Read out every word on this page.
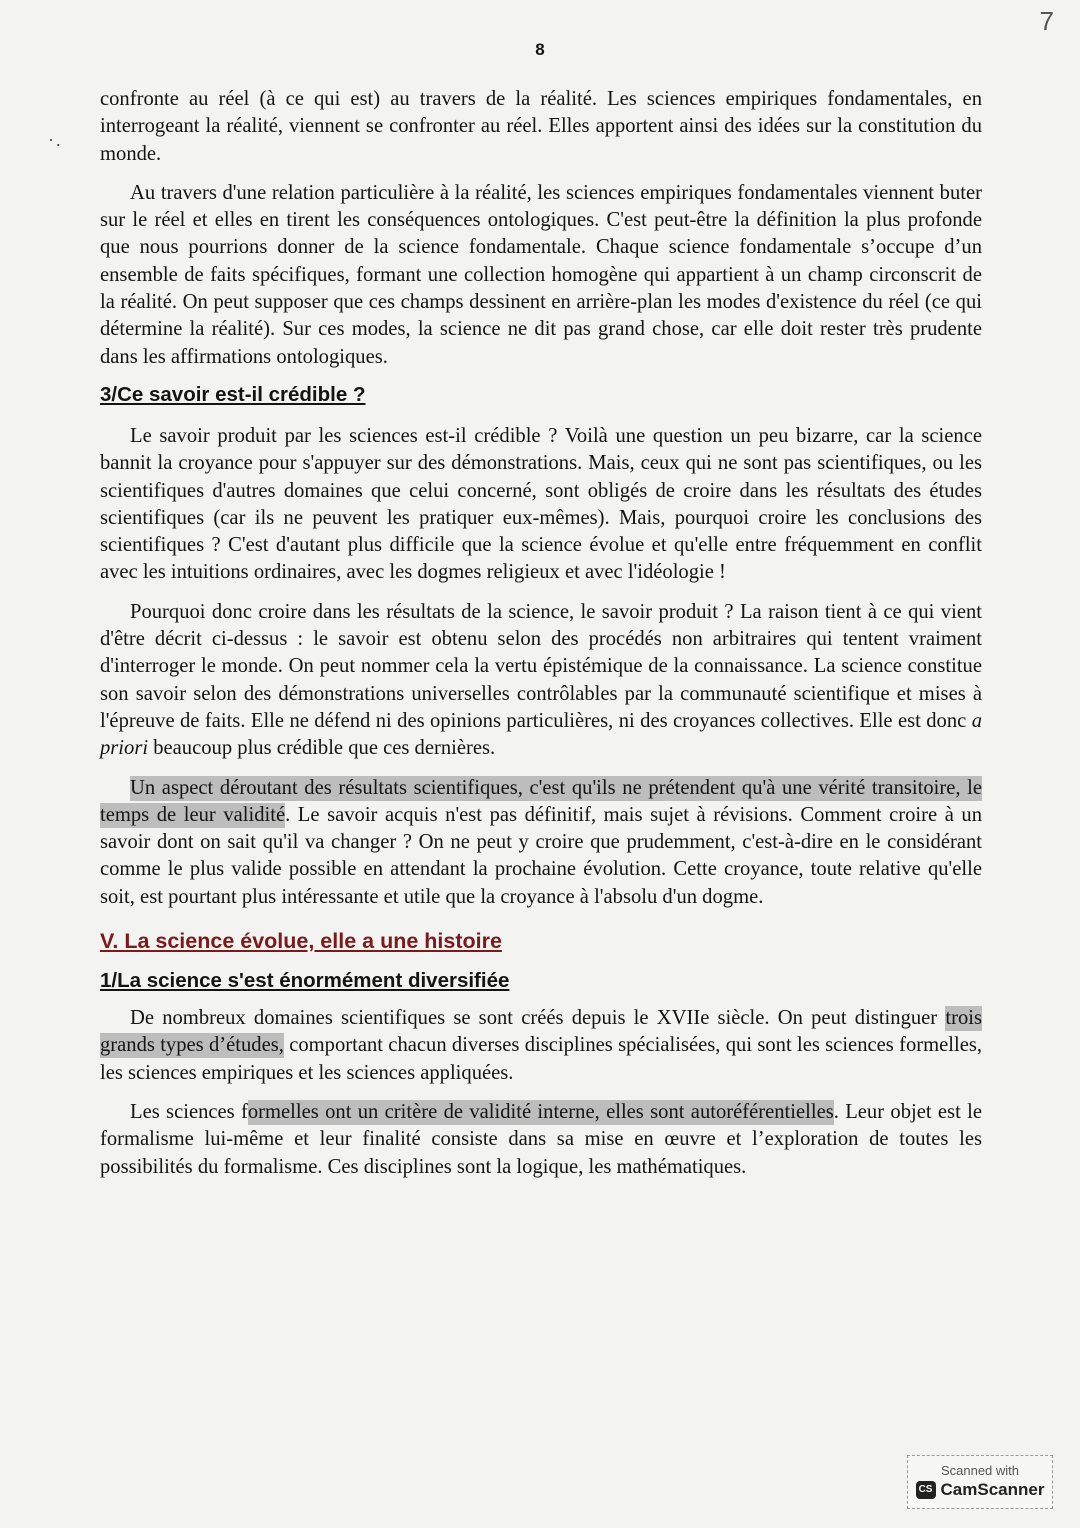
7
8
·.

confronte au réel (à ce qui est) au travers de la réalité. Les sciences empiriques fondamentales, en interrogeant la réalité, viennent se confronter au réel. Elles apportent ainsi des idées sur la constitution du monde.

Au travers d'une relation particulière à la réalité, les sciences empiriques fondamentales viennent buter sur le réel et elles en tirent les conséquences ontologiques. C'est peut-être la définition la plus profonde que nous pourrions donner de la science fondamentale. Chaque science fondamentale s’occupe d’un ensemble de faits spécifiques, formant une collection homogène qui appartient à un champ circonscrit de la réalité. On peut supposer que ces champs dessinent en arrière-plan les modes d'existence du réel (ce qui détermine la réalité). Sur ces modes, la science ne dit pas grand chose, car elle doit rester très prudente dans les affirmations ontologiques.

3/Ce savoir est-il crédible ?

Le savoir produit par les sciences est-il crédible ? Voilà une question un peu bizarre, car la science bannit la croyance pour s'appuyer sur des démonstrations. Mais, ceux qui ne sont pas scientifiques, ou les scientifiques d'autres domaines que celui concerné, sont obligés de croire dans les résultats des études scientifiques (car ils ne peuvent les pratiquer eux-mêmes). Mais, pourquoi croire les conclusions des scientifiques ? C'est d'autant plus difficile que la science évolue et qu'elle entre fréquemment en conflit avec les intuitions ordinaires, avec les dogmes religieux et avec l'idéologie !

Pourquoi donc croire dans les résultats de la science, le savoir produit ? La raison tient à ce qui vient d'être décrit ci-dessus : le savoir est obtenu selon des procédés non arbitraires qui tentent vraiment d'interroger le monde. On peut nommer cela la vertu épistémique de la connaissance. La science constitue son savoir selon des démonstrations universelles contrôlables par la communauté scientifique et mises à l'épreuve de faits. Elle ne défend ni des opinions particulières, ni des croyances collectives. Elle est donc a priori beaucoup plus crédible que ces dernières.

Un aspect déroutant des résultats scientifiques, c'est qu'ils ne prétendent qu'à une vérité transitoire, le temps de leur validité. Le savoir acquis n'est pas définitif, mais sujet à révisions. Comment croire à un savoir dont on sait qu'il va changer ? On ne peut y croire que prudemment, c'est-à-dire en le considérant comme le plus valide possible en attendant la prochaine évolution. Cette croyance, toute relative qu'elle soit, est pourtant plus intéressante et utile que la croyance à l'absolu d'un dogme.

V. La science évolue, elle a une histoire
1/La science s'est énormément diversifiée

De nombreux domaines scientifiques se sont créés depuis le XVIIe siècle. On peut distinguer trois grands types d’études, comportant chacun diverses disciplines spécialisées, qui sont les sciences formelles, les sciences empiriques et les sciences appliquées.

Les sciences formelles ont un critère de validité interne, elles sont autoréférentielles. Leur objet est le formalisme lui-même et leur finalité consiste dans sa mise en œuvre et l’exploration de toutes les possibilités du formalisme. Ces disciplines sont la logique, les mathématiques.

Scanned with
CS CamScanner
